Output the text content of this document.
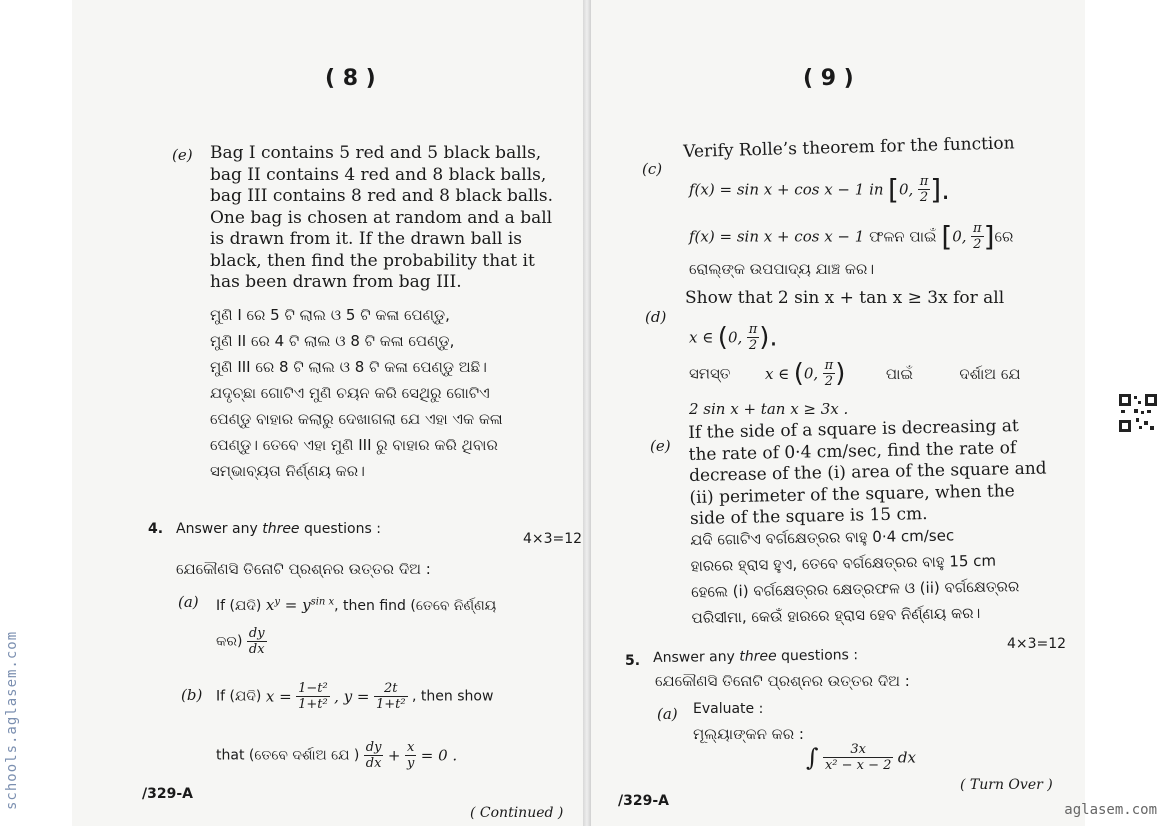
( 8 )
(e) Bag I contains 5 red and 5 black balls,
bag II contains 4 red and 8 black balls,
bag III contains 8 red and 8 black balls.
One bag is chosen at random and a ball
is drawn from it. If the drawn ball is
black, then find the probability that it
has been drawn from bag III.
ମୁଣି I ରେ 5 ଟି ଲାଲ ଓ 5 ଟି କଳା ପେଣ୍ଡୁ,
ମୁଣି II ରେ 4 ଟି ଲାଲ ଓ 8 ଟି କଳା ପେଣ୍ଡୁ,
ମୁଣି III ରେ 8 ଟି ଲାଲ ଓ 8 ଟି କଳା ପେଣ୍ଡୁ ଅଛି।
ଯଦୃଚ୍ଛା ଗୋଟିଏ ମୁଣି ଚୟନ କରି ସେଥିରୁ ଗୋଟିଏ
ପେଣ୍ଡୁ ବାହାର କଲାରୁ ଦେଖାଗଲା ଯେ ଏହା ଏକ କଳା
ପେଣ୍ଡୁ। ତେବେ ଏହା ମୁଣି III ରୁ ବାହାର କରି ଥିବାର
ସମ୍ଭାବ୍ୟତା ନିର୍ଣ୍ଣୟ କର।
4. Answer any three questions :
4×3=12
ଯେକୌଣସି ତିନୋଟି ପ୍ରଶ୍ନର ଉତ୍ତର ଦିଅ :
(a) If (ଯଦି) $x^y = y^{sin x}$, then find (ତେବେ ନିର୍ଣ୍ଣୟ
କର) $\frac{dy}{dx}$
(b) If (ଯଦି) $x = \frac{\text{1−t²}}{\text{1+t²}}$ , $y = \frac{2t}{\text{1+t²}}$ , then show
that (ତେବେ ଦର୍ଶାଅ ଯେ ) $\frac{dy}{dx} + \frac{x}{y} = 0$ .
/329-A
( Continued )
( 9 )
(c)
Verify Rolle’s theorem for the function
f(x) = sin x + cos x − 1 in [0, $\frac{\pi}{2}$ ].
f(x) = sin x + cos x − 1 ଫଳନ ପାଇଁ [0, $\frac{\pi}{2}$ ]ରେ
ରୋଲ୍‌ଙ୍କ ଉପପାଦ୍ୟ ଯାଞ୍ଚ କର।
(d)
Show that 2 sin x + tan x ≥ 3x for all
x ∈ (0, $\frac{\pi}{2}$ ).
ସମସ୍ତ x ∈ (0, $\frac{\pi}{2}$ )	ପାଇଁ	ଦର୍ଶାଅ ଯେ
2 sin x + tan x ≥ 3x .
(e)
If the side of a square is decreasing at
the rate of 0·4 cm/sec, find the rate of
decrease of the (i) area of the square and
(ii) perimeter of the square, when the
side of the square is 15 cm.
ଯଦି ଗୋଟିଏ ବର୍ଗକ୍ଷେତ୍ରର ବାହୁ 0·4 cm/sec
ହାରରେ ହ୍ରାସ ହୁଏ, ତେବେ ବର୍ଗକ୍ଷେତ୍ରର ବାହୁ 15 cm
ହେଲେ (i) ବର୍ଗକ୍ଷେତ୍ରର କ୍ଷେତ୍ରଫଳ ଓ (ii) ବର୍ଗକ୍ଷେତ୍ରର
ପରିସୀମା, କେଉଁ ହାରରେ ହ୍ରାସ ହେବ ନିର୍ଣ୍ଣୟ କର।
4×3=12
5. Answer any three questions :
ଯେକୌଣସି ତିନୋଟି ପ୍ରଶ୍ନର ଉତ୍ତର ଦିଅ :
(a) Evaluate :
ମୂଲ୍ୟାଙ୍କନ କର :
∫ $\frac{3x}{\text{x² − x − 2}}$ dx
/329-A
( Turn Over )
schools.aglasem.com	aglasem.com
